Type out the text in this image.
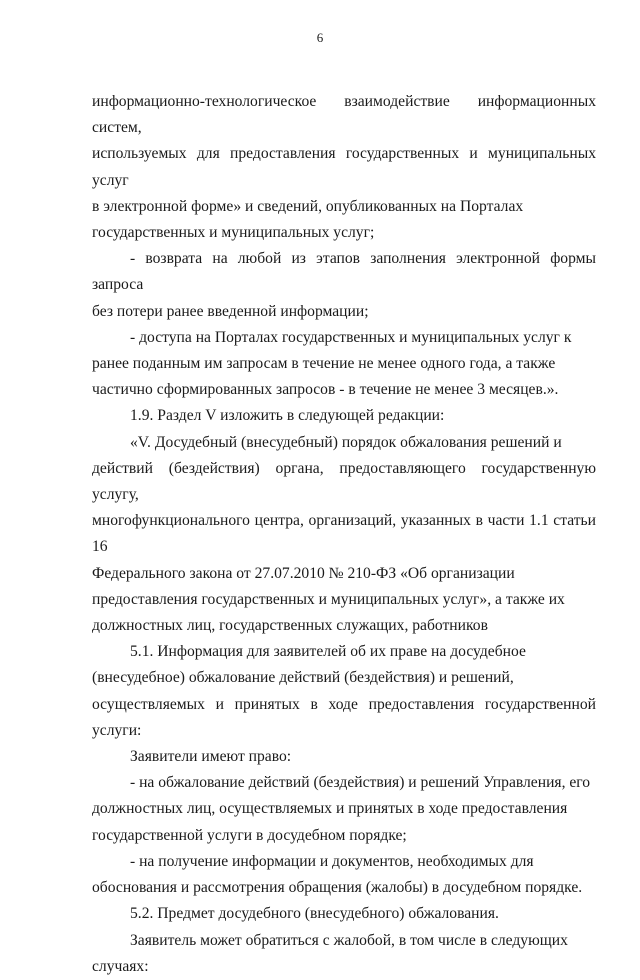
6

информационно-технологическое взаимодействие информационных систем,
используемых для предоставления государственных и муниципальных услуг
в электронной форме» и сведений, опубликованных на Порталах
государственных и муниципальных услуг;

- возврата на любой из этапов заполнения электронной формы запроса
без потери ранее введенной информации;

- доступа на Порталах государственных и муниципальных услуг к
ранее поданным им запросам в течение не менее одного года, а также
частично сформированных запросов - в течение не менее 3 месяцев.».

1.9. Раздел V изложить в следующей редакции:

«V. Досудебный (внесудебный) порядок обжалования решений и
действий (бездействия) органа, предоставляющего государственную услугу,
многофункционального центра, организаций, указанных в части 1.1 статьи 16
Федерального закона от 27.07.2010 № 210-ФЗ «Об организации
предоставления государственных и муниципальных услуг», а также их
должностных лиц, государственных служащих, работников

5.1. Информация для заявителей об их праве на досудебное
(внесудебное) обжалование действий (бездействия) и решений,
осуществляемых и принятых в ходе предоставления государственной услуги:

Заявители имеют право:

- на обжалование действий (бездействия) и решений Управления, его
должностных лиц, осуществляемых и принятых в ходе предоставления
государственной услуги в досудебном порядке;

- на получение информации и документов, необходимых для
обоснования и рассмотрения обращения (жалобы) в досудебном порядке.

5.2. Предмет досудебного (внесудебного) обжалования.

Заявитель может обратиться с жалобой, в том числе в следующих
случаях:
